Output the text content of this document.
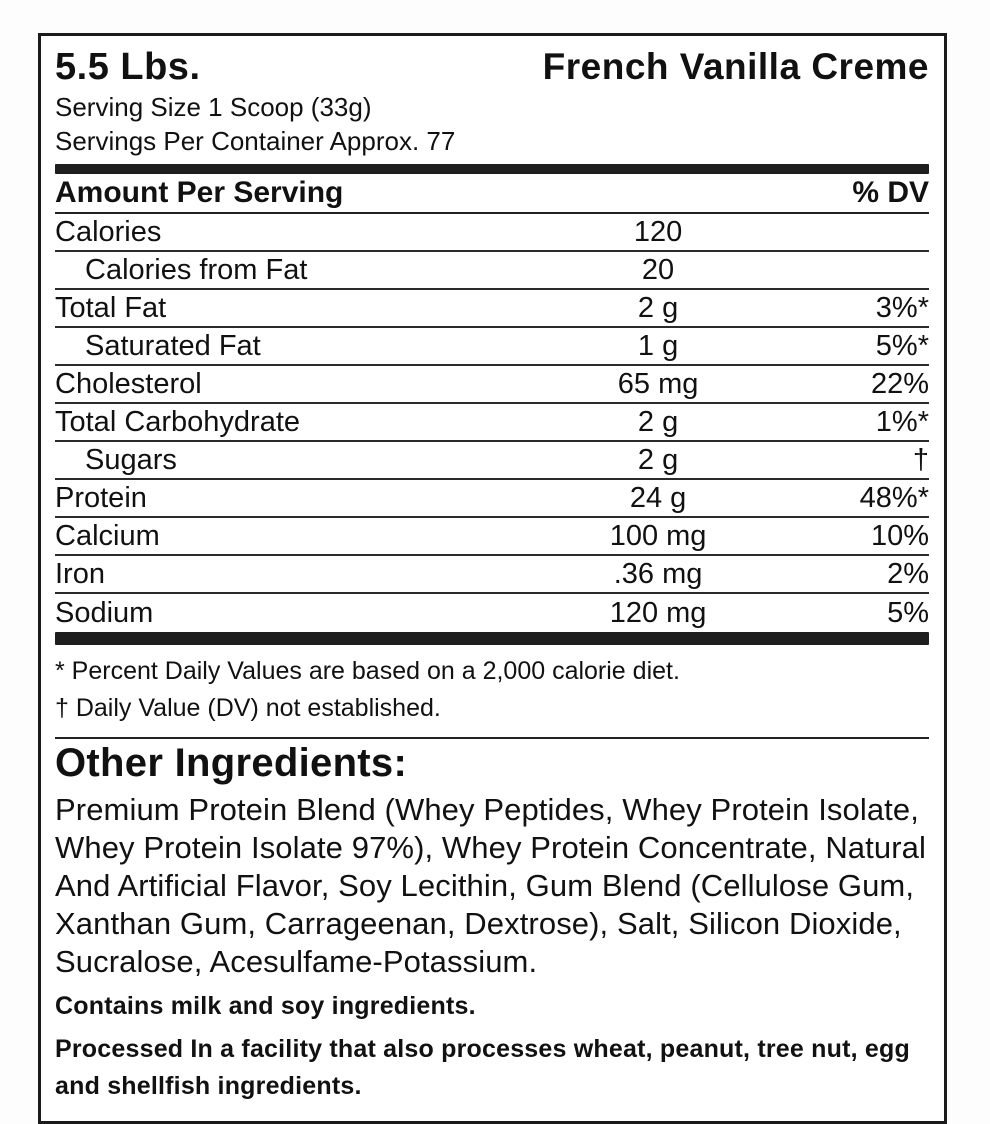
5.5 Lbs.	French Vanilla Creme
Serving Size 1 Scoop (33g)
Servings Per Container Approx. 77
Amount Per Serving	% DV
Calories	120
Calories from Fat	20
Total Fat	2 g	3%*
Saturated Fat	1 g	5%*
Cholesterol	65 mg	22%
Total Carbohydrate	2 g	1%*
Sugars	2 g	†
Protein	24 g	48%*
Calcium	100 mg	10%
Iron	.36 mg	2%
Sodium	120 mg	5%
* Percent Daily Values are based on a 2,000 calorie diet.
† Daily Value (DV) not established.
Other Ingredients:
Premium Protein Blend (Whey Peptides, Whey Protein Isolate, Whey Protein Isolate 97%), Whey Protein Concentrate, Natural And Artificial Flavor, Soy Lecithin, Gum Blend (Cellulose Gum, Xanthan Gum, Carrageenan, Dextrose), Salt, Silicon Dioxide, Sucralose, Acesulfame-Potassium.
Contains milk and soy ingredients.
Processed In a facility that also processes wheat, peanut, tree nut, egg and shellfish ingredients.
